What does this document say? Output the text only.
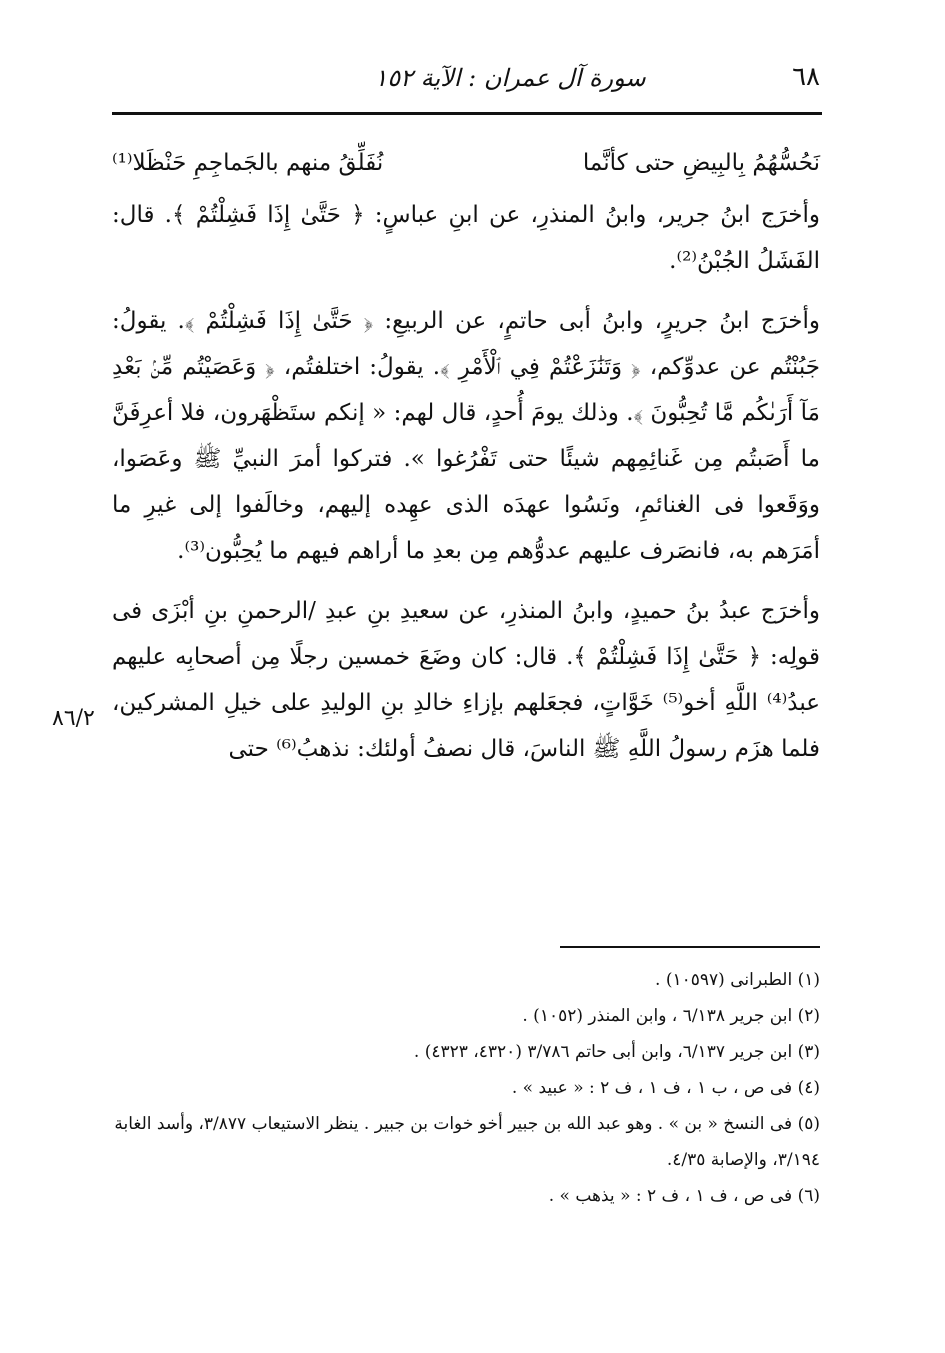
سورة آل عمران : الآية ١٥٢	٦٨

نَحُسُّهُمُ بِالبِيضِ حتى كأنَّما
نُفَلِّقُ منهم بالجَماجِمِ حَنْظَلا⁽¹⁾

وأخرَج ابنُ جرير، وابنُ المنذرِ، عن ابنِ عباسٍ: ﴿ حَتَّىٰ إِذَا فَشِلْتُمْ ﴾. قال: الفَشَلُ الجُبْنُ⁽²⁾.

وأخرَج ابنُ جريرٍ، وابنُ أبى حاتمٍ، عن الربيعِ: ﴿ حَتَّىٰ إِذَا فَشِلْتُمْ ﴾. يقولُ: جَبُنْتُم عن عدوِّكم، ﴿ وَتَنَٰزَعْتُمْ فِي ٱلْأَمْرِ ﴾. يقولُ: اختلفتُم، ﴿ وَعَصَيْتُم مِّنۢ بَعْدِ مَآ أَرَىٰكُم مَّا تُحِبُّونَ ﴾. وذلك يومَ أُحدٍ، قال لهم: « إنكم ستَظْهَرون، فلا أعرِفَنَّ ما أَصَبتُم مِن غَنائِمِهم شيئًا حتى تَفْرُغوا ». فتركوا أمرَ النبيِّ ﷺ وعَصَوا، ووَقَعوا فى الغنائمِ، ونَسُوا عهدَه الذى عهِده إليهم، وخالَفوا إلى غيرِ ما أمَرَهم به، فانصَرف عليهم عدوُّهم مِن بعدِ ما أراهم فيهم ما يُحِبُّون⁽³⁾.

وأخرَج عبدُ بنُ حميدٍ، وابنُ المنذرِ، عن سعيدِ بنِ عبدِ /الرحمنِ بنِ أبْزَى فى قولِه: ﴿ حَتَّىٰ إِذَا فَشِلْتُمْ ﴾. قال: كان وضَعَ خمسين رجلًا مِن أصحابِه عليهم عبدُ⁽⁴⁾ اللَّهِ أخو⁽⁵⁾ خَوَّاتٍ، فجعَلهم بإزاءِ خالدِ بنِ الوليدِ على خيلِ المشركين، فلما هزَم رسولُ اللَّهِ ﷺ الناسَ، قال نصفُ أولئك: نذهبُ⁽⁶⁾ حتى

٨٦/٢
(١) الطبرانى (١٠٥٩٧) .
(٢) ابن جرير ٦/١٣٨ ، وابن المنذر (١٠٥٢) .
(٣) ابن جرير ٦/١٣٧، وابن أبى حاتم ٣/٧٨٦ (٤٣٢٠، ٤٣٢٣) .
(٤) فى ص ، ب ١ ، ف ١ ، ف ٢ : « عبيد » .
(٥) فى النسخ « بن » . وهو عبد الله بن جبير أخو خوات بن جبير . ينظر الاستيعاب ٣/٨٧٧، وأسد الغابة ٣/١٩٤، والإصابة ٤/٣٥.
(٦) فى ص ، ف ١ ، ف ٢ : « يذهب » .
